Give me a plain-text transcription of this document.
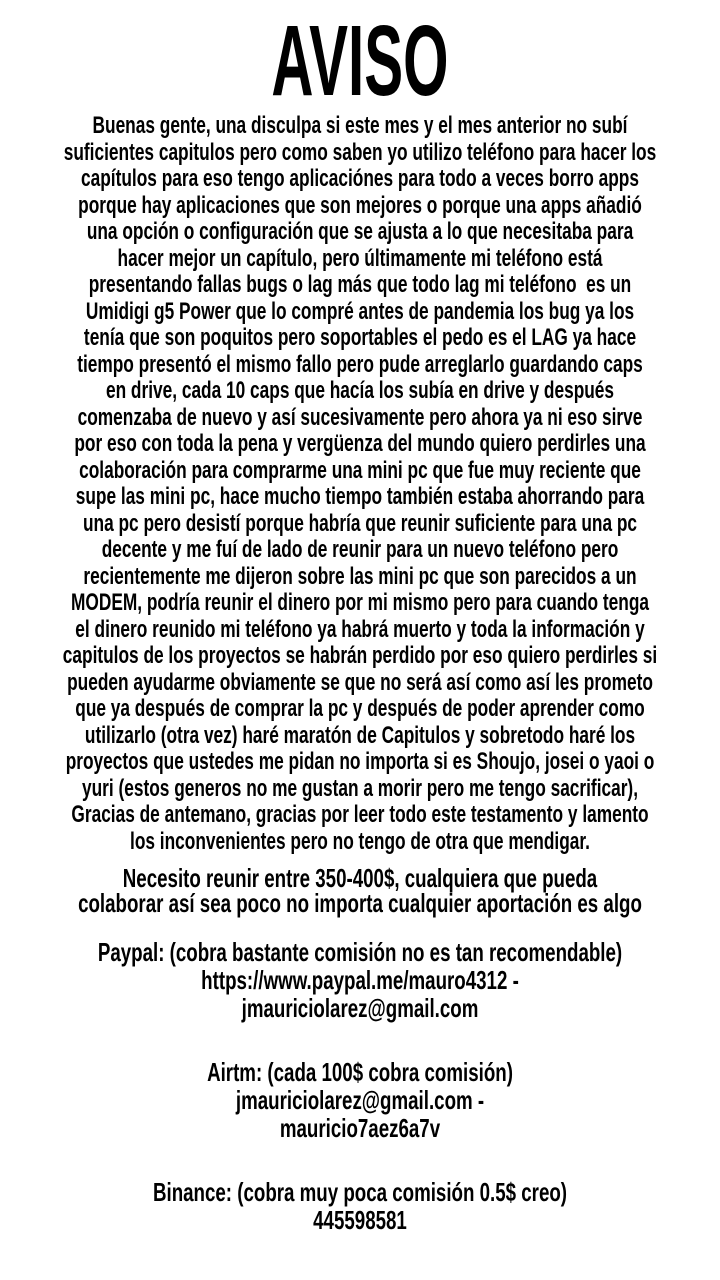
AVISO
Buenas gente, una disculpa si este mes y el mes anterior no subí
suficientes capitulos pero como saben yo utilizo teléfono para hacer los
capítulos para eso tengo aplicaciónes para todo a veces borro apps
porque hay aplicaciones que son mejores o porque una apps añadió
una opción o configuración que se ajusta a lo que necesitaba para
hacer mejor un capítulo, pero últimamente mi teléfono está
presentando fallas bugs o lag más que todo lag mi teléfono  es un
Umidigi g5 Power que lo compré antes de pandemia los bug ya los
tenía que son poquitos pero soportables el pedo es el LAG ya hace
tiempo presentó el mismo fallo pero pude arreglarlo guardando caps
en drive, cada 10 caps que hacía los subía en drive y después
comenzaba de nuevo y así sucesivamente pero ahora ya ni eso sirve
por eso con toda la pena y vergüenza del mundo quiero perdirles una
colaboración para comprarme una mini pc que fue muy reciente que
supe las mini pc, hace mucho tiempo también estaba ahorrando para
una pc pero desistí porque habría que reunir suficiente para una pc
decente y me fuí de lado de reunir para un nuevo teléfono pero
recientemente me dijeron sobre las mini pc que son parecidos a un
MODEM, podría reunir el dinero por mi mismo pero para cuando tenga
el dinero reunido mi teléfono ya habrá muerto y toda la información y
capitulos de los proyectos se habrán perdido por eso quiero perdirles si
pueden ayudarme obviamente se que no será así como así les prometo
que ya después de comprar la pc y después de poder aprender como
utilizarlo (otra vez) haré maratón de Capitulos y sobretodo haré los
proyectos que ustedes me pidan no importa si es Shoujo, josei o yaoi o
yuri (estos generos no me gustan a morir pero me tengo sacrificar),
Gracias de antemano, gracias por leer todo este testamento y lamento
los inconvenientes pero no tengo de otra que mendigar.
Necesito reunir entre 350-400$, cualquiera que pueda
colaborar así sea poco no importa cualquier aportación es algo
Paypal: (cobra bastante comisión no es tan recomendable)
https://www.paypal.me/mauro4312 -
jmauriciolarez@gmail.com
Airtm: (cada 100$ cobra comisión)
jmauriciolarez@gmail.com -
mauricio7aez6a7v
Binance: (cobra muy poca comisión 0.5$ creo)
445598581
